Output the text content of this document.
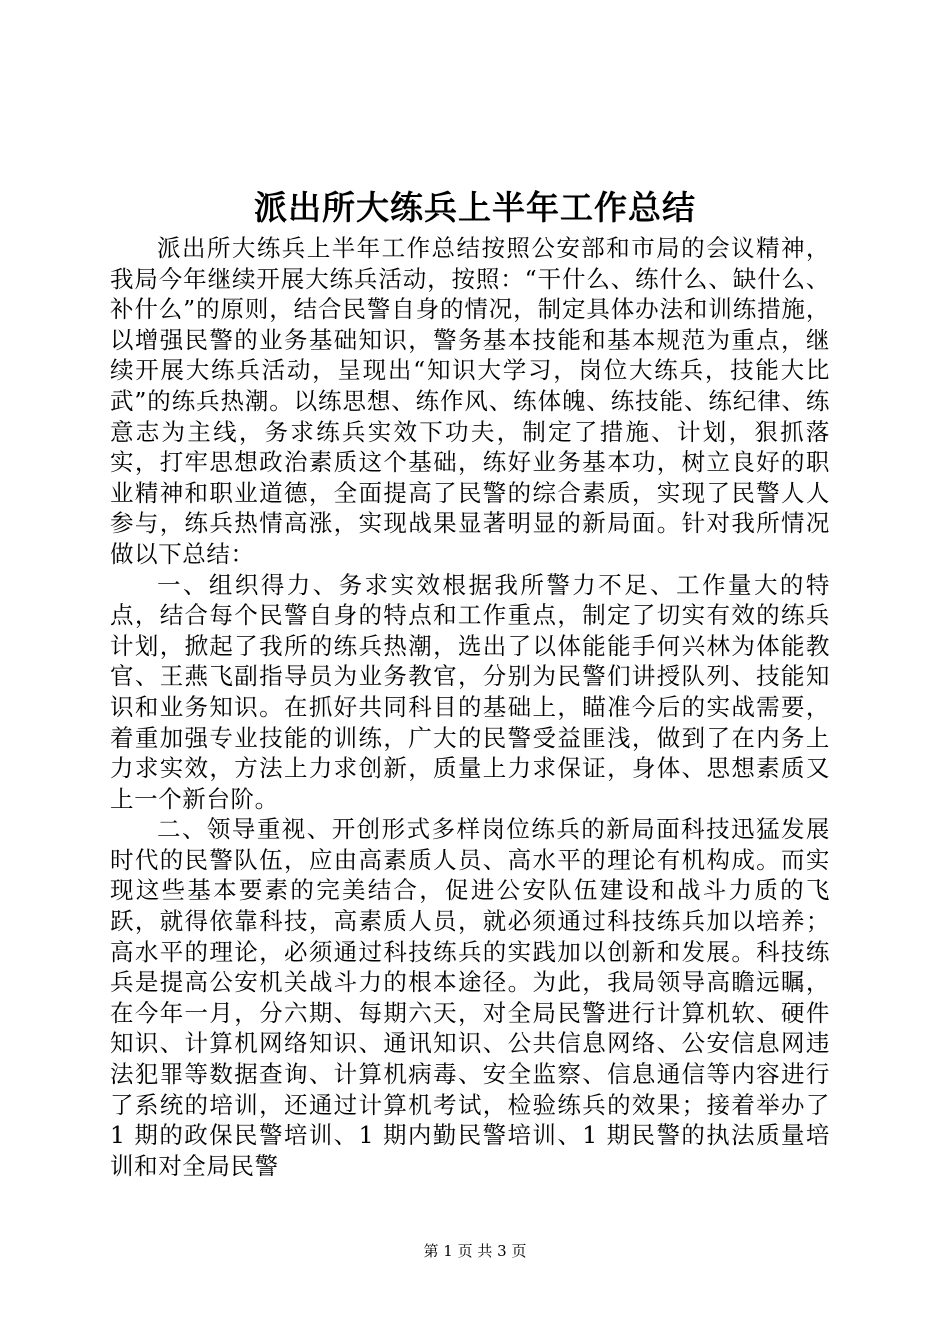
派出所大练兵上半年工作总结

派出所大练兵上半年工作总结按照公安部和市局的会议精神，我局今年继续开展大练兵活动，按照：“干什么、练什么、缺什么、补什么”的原则，结合民警自身的情况，制定具体办法和训练措施，以增强民警的业务基础知识，警务基本技能和基本规范为重点，继续开展大练兵活动，呈现出“知识大学习，岗位大练兵，技能大比武”的练兵热潮。以练思想、练作风、练体魄、练技能、练纪律、练意志为主线，务求练兵实效下功夫，制定了措施、计划，狠抓落实，打牢思想政治素质这个基础，练好业务基本功，树立良好的职业精神和职业道德，全面提高了民警的综合素质，实现了民警人人参与，练兵热情高涨，实现战果显著明显的新局面。针对我所情况做以下总结：

一、组织得力、务求实效根据我所警力不足、工作量大的特点，结合每个民警自身的特点和工作重点，制定了切实有效的练兵计划，掀起了我所的练兵热潮，选出了以体能能手何兴林为体能教官、王燕飞副指导员为业务教官，分别为民警们讲授队列、技能知识和业务知识。在抓好共同科目的基础上，瞄准今后的实战需要，着重加强专业技能的训练，广大的民警受益匪浅，做到了在内务上力求实效，方法上力求创新，质量上力求保证，身体、思想素质又上一个新台阶。

二、领导重视、开创形式多样岗位练兵的新局面科技迅猛发展时代的民警队伍，应由高素质人员、高水平的理论有机构成。而实现这些基本要素的完美结合，促进公安队伍建设和战斗力质的飞跃，就得依靠科技，高素质人员，就必须通过科技练兵加以培养；高水平的理论，必须通过科技练兵的实践加以创新和发展。科技练兵是提高公安机关战斗力的根本途径。为此，我局领导高瞻远瞩，在今年一月，分六期、每期六天，对全局民警进行计算机软、硬件知识、计算机网络知识、通讯知识、公共信息网络、公安信息网违法犯罪等数据查询、计算机病毒、安全监察、信息通信等内容进行了系统的培训，还通过计算机考试，检验练兵的效果；接着举办了 1 期的政保民警培训、1 期内勤民警培训、1 期民警的执法质量培训和对全局民警

第 1 页 共 3 页
